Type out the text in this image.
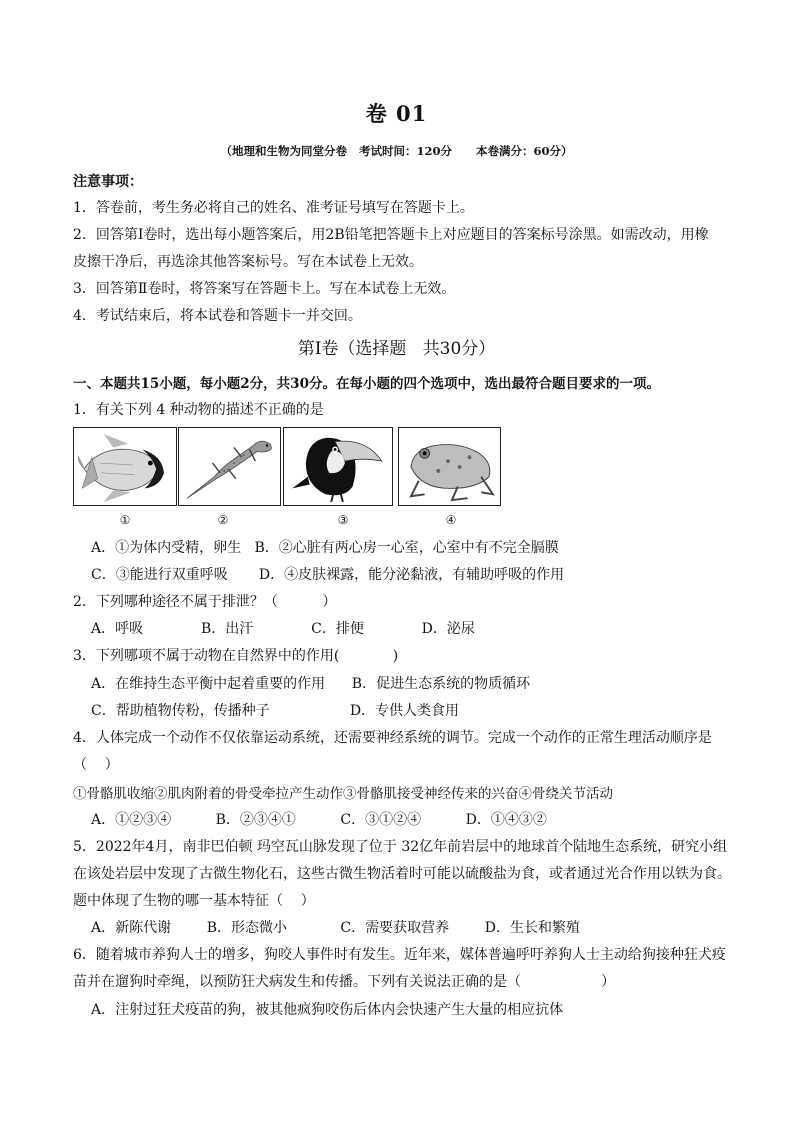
卷 01
（地理和生物为同堂分卷   考试时间：120分      本卷满分：60分）
注意事项：
1．答卷前，考生务必将自己的姓名、准考证号填写在答题卡上。
2．回答第Ⅰ卷时，选出每小题答案后，用2B铅笔把答题卡上对应题目的答案标号涂黑。如需改动，用橡
皮擦干净后，再选涂其他答案标号。写在本试卷上无效。
3．回答第Ⅱ卷时，将答案写在答题卡上。写在本试卷上无效。
4．考试结束后，将本试卷和答题卡一并交回。
第Ⅰ卷（选择题   共30分）
一、本题共15小题，每小题2分，共30分。在每小题的四个选项中，选出最符合题目要求的一项。
1．有关下列 4 种动物的描述不正确的是
①	②	③	④
A．①为体内受精，卵生   B．②心脏有两心房一心室，心室中有不完全膈膜
C．③能进行双重呼吸       D．④皮肤裸露，能分泌黏液，有辅助呼吸的作用
2．下列哪种途径不属于排泄？（          ）
A．呼吸             B．出汗             C．排便             D．泌尿
3．下列哪项不属于动物在自然界中的作用(            )
A．在维持生态平衡中起着重要的作用      B．促进生态系统的物质循环
C．帮助植物传粉，传播种子                  D．专供人类食用
4．人体完成一个动作不仅依靠运动系统，还需要神经系统的调节。完成一个动作的正常生理活动顺序是
（    ）
①骨骼肌收缩②肌肉附着的骨受牵拉产生动作③骨骼肌接受神经传来的兴奋④骨绕关节活动
A．①②③④          B．②③④①          C．③①②④          D．①④③②
5．2022年4月，南非巴伯顿 玛空瓦山脉发现了位于 32亿年前岩层中的地球首个陆地生态系统，研究小组
在该处岩层中发现了古微生物化石，这些古微生物活着时可能以硫酸盐为食，或者通过光合作用以铁为食。
题中体现了生物的哪一基本特征（    ）
A．新陈代谢        B．形态微小            C．需要获取营养        D．生长和繁殖
6．随着城市养狗人士的增多，狗咬人事件时有发生。近年来，媒体普遍呼吁养狗人士主动给狗接种狂犬疫
苗并在遛狗时牵绳，以预防狂犬病发生和传播。下列有关说法正确的是（                  ）
A．注射过狂犬疫苗的狗，被其他疯狗咬伤后体内会快速产生大量的相应抗体
